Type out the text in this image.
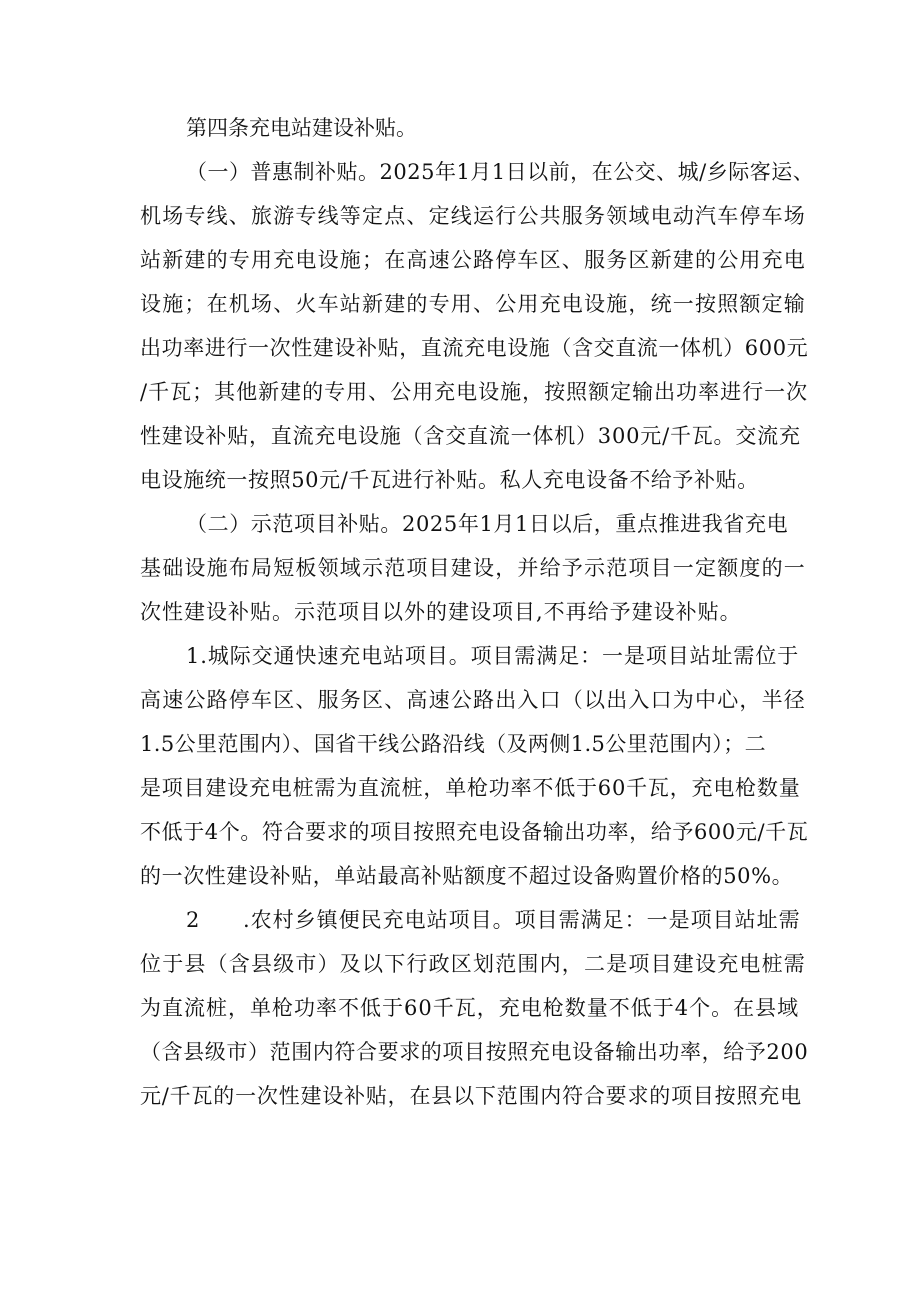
第四条充电站建设补贴。
（一）普惠制补贴。2025年1月1日以前，在公交、城/乡际客运、
机场专线、旅游专线等定点、定线运行公共服务领域电动汽车停车场
站新建的专用充电设施；在高速公路停车区、服务区新建的公用充电
设施；在机场、火车站新建的专用、公用充电设施，统一按照额定输
出功率进行一次性建设补贴，直流充电设施（含交直流一体机）600元
/千瓦；其他新建的专用、公用充电设施，按照额定输出功率进行一次
性建设补贴，直流充电设施（含交直流一体机）300元/千瓦。交流充
电设施统一按照50元/千瓦进行补贴。私人充电设备不给予补贴。
（二）示范项目补贴。2025年1月1日以后，重点推进我省充电
基础设施布局短板领域示范项目建设，并给予示范项目一定额度的一
次性建设补贴。示范项目以外的建设项目,不再给予建设补贴。
1.城际交通快速充电站项目。项目需满足：一是项目站址需位于
高速公路停车区、服务区、高速公路出入口（以出入口为中心，半径
1.5公里范围内）、国省干线公路沿线（及两侧1.5公里范围内）；二
是项目建设充电桩需为直流桩，单枪功率不低于60千瓦，充电枪数量
不低于4个。符合要求的项目按照充电设备输出功率，给予600元/千瓦
的一次性建设补贴，单站最高补贴额度不超过设备购置价格的50%。
2 .农村乡镇便民充电站项目。项目需满足：一是项目站址需
位于县（含县级市）及以下行政区划范围内，二是项目建设充电桩需
为直流桩，单枪功率不低于60千瓦，充电枪数量不低于4个。在县域
（含县级市）范围内符合要求的项目按照充电设备输出功率，给予200
元/千瓦的一次性建设补贴，在县以下范围内符合要求的项目按照充电
